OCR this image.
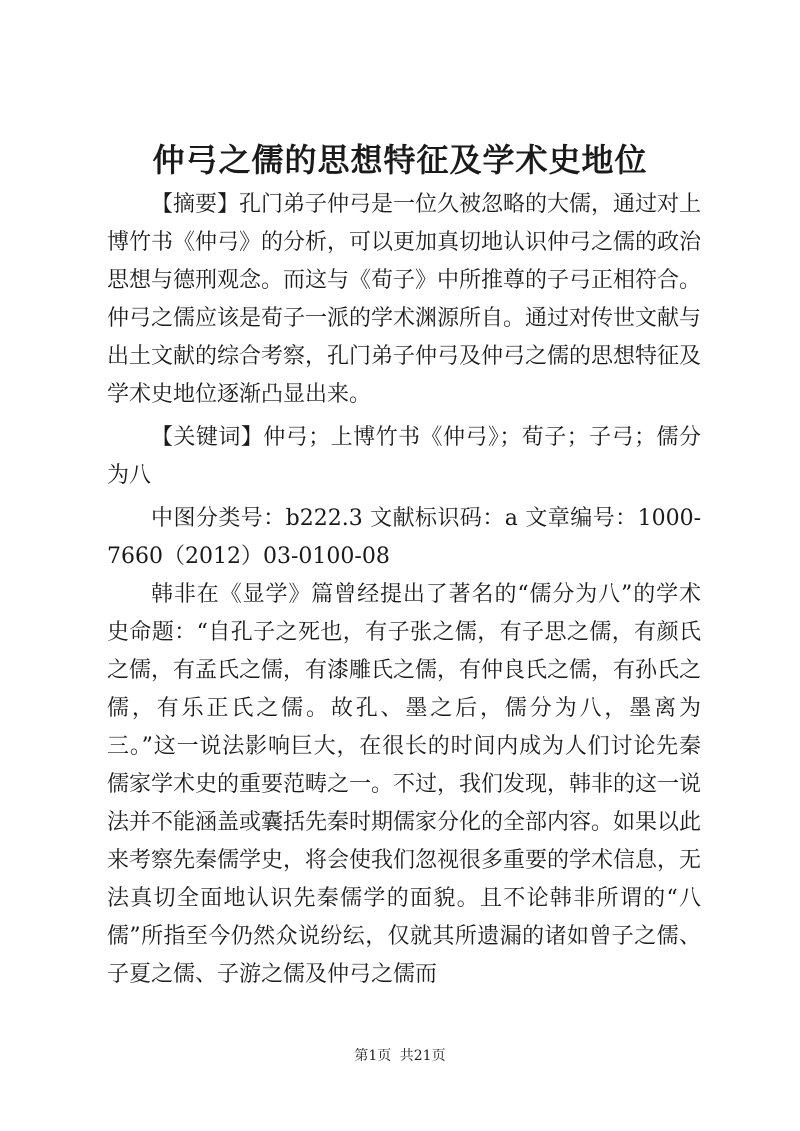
仲弓之儒的思想特征及学术史地位

【摘要】孔门弟子仲弓是一位久被忽略的大儒，通过对上博竹书《仲弓》的分析，可以更加真切地认识仲弓之儒的政治思想与德刑观念。而这与《荀子》中所推尊的子弓正相符合。仲弓之儒应该是荀子一派的学术渊源所自。通过对传世文献与出土文献的综合考察，孔门弟子仲弓及仲弓之儒的思想特征及学术史地位逐渐凸显出来。

【关键词】仲弓；上博竹书《仲弓》；荀子；子弓；儒分为八

中图分类号：b222.3 文献标识码：a 文章编号：1000-7660（2012）03-0100-08

韩非在《显学》篇曾经提出了著名的“儒分为八”的学术史命题：“自孔子之死也，有子张之儒，有子思之儒，有颜氏之儒，有孟氏之儒，有漆雕氏之儒，有仲良氏之儒，有孙氏之儒，有乐正氏之儒。故孔、墨之后，儒分为八，墨离为三。”这一说法影响巨大，在很长的时间内成为人们讨论先秦儒家学术史的重要范畴之一。不过，我们发现，韩非的这一说法并不能涵盖或囊括先秦时期儒家分化的全部内容。如果以此来考察先秦儒学史，将会使我们忽视很多重要的学术信息，无法真切全面地认识先秦儒学的面貌。且不论韩非所谓的“八儒”所指至今仍然众说纷纭，仅就其所遗漏的诸如曾子之儒、子夏之儒、子游之儒及仲弓之儒而

第1页 共21页
